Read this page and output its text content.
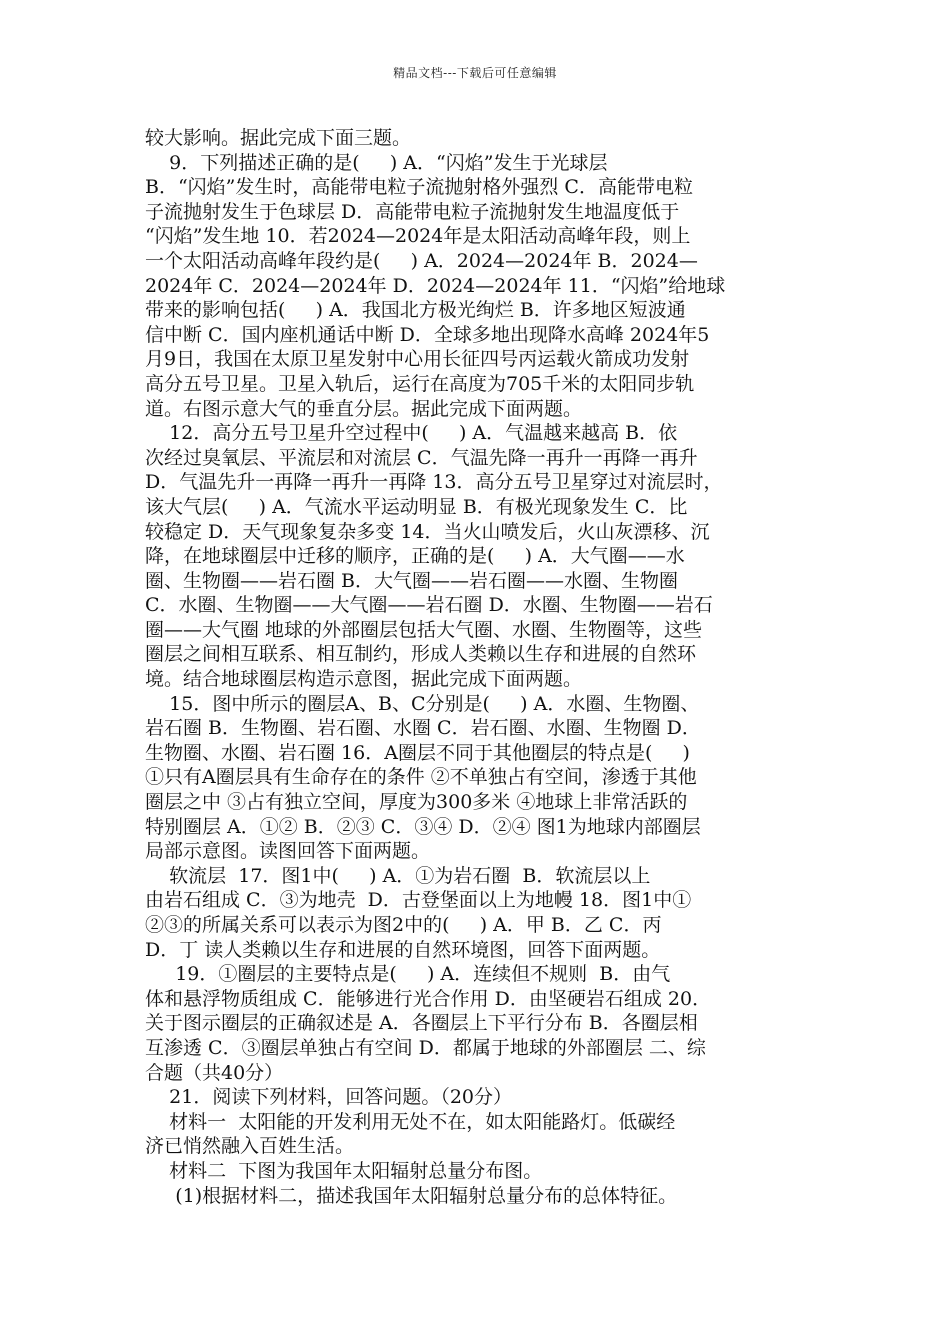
精品文档---下载后可任意编辑
较大影响。据此完成下面三题。
9．下列描述正确的是(     ) A．“闪焰”发生于光球层
B．“闪焰”发生时，高能带电粒子流抛射格外强烈 C．高能带电粒
子流抛射发生于色球层 D．高能带电粒子流抛射发生地温度低于
“闪焰”发生地 10．若2024—2024年是太阳活动高峰年段，则上
一个太阳活动高峰年段约是(     ) A．2024—2024年 B．2024—
2024年 C．2024—2024年 D．2024—2024年 11．“闪焰”给地球
带来的影响包括(     ) A．我国北方极光绚烂 B．许多地区短波通
信中断 C．国内座机通话中断 D．全球多地出现降水高峰 2024年5
月9日，我国在太原卫星发射中心用长征四号丙运载火箭成功发射
高分五号卫星。卫星入轨后，运行在高度为705千米的太阳同步轨
道。右图示意大气的垂直分层。据此完成下面两题。
12．高分五号卫星升空过程中(     ) A．气温越来越高 B．依
次经过臭氧层、平流层和对流层 C．气温先降一再升一再降一再升
D．气温先升一再降一再升一再降 13．高分五号卫星穿过对流层时，
该大气层(     ) A．气流水平运动明显 B．有极光现象发生 C．比
较稳定 D．天气现象复杂多变 14．当火山喷发后，火山灰漂移、沉
降，在地球圈层中迁移的顺序，正确的是(     ) A．大气圈——水
圈、生物圈——岩石圈 B．大气圈——岩石圈——水圈、生物圈
C．水圈、生物圈——大气圈——岩石圈 D．水圈、生物圈——岩石
圈——大气圈 地球的外部圈层包括大气圈、水圈、生物圈等，这些
圈层之间相互联系、相互制约，形成人类赖以生存和进展的自然环
境。结合地球圈层构造示意图，据此完成下面两题。
15．图中所示的圈层A、B、C分别是(     ) A．水圈、生物圈、
岩石圈 B．生物圈、岩石圈、水圈 C．岩石圈、水圈、生物圈 D．
生物圈、水圈、岩石圈 16．A圈层不同于其他圈层的特点是(     )
①只有A圈层具有生命存在的条件 ②不单独占有空间，渗透于其他
圈层之中 ③占有独立空间，厚度为300多米 ④地球上非常活跃的
特别圈层 A．①② B．②③ C．③④ D．②④ 图1为地球内部圈层
局部示意图。读图回答下面两题。
软流层  17．图1中(     ) A．①为岩石圈  B．软流层以上
由岩石组成 C．③为地壳  D．古登堡面以上为地幔 18．图1中①
②③的所属关系可以表示为图2中的(     ) A．甲 B．乙 C．丙
D．丁 读人类赖以生存和进展的自然环境图，回答下面两题。
19．①圈层的主要特点是(     ) A．连续但不规则  B．由气
体和悬浮物质组成 C．能够进行光合作用 D．由坚硬岩石组成 20．
关于图示圈层的正确叙述是 A．各圈层上下平行分布 B．各圈层相
互渗透 C．③圈层单独占有空间 D．都属于地球的外部圈层 二、综
合题（共40分）
21．阅读下列材料，回答问题。（20分）
材料一  太阳能的开发利用无处不在，如太阳能路灯。低碳经
济已悄然融入百姓生活。
材料二  下图为我国年太阳辐射总量分布图。
(1)根据材料二，描述我国年太阳辐射总量分布的总体特征。
